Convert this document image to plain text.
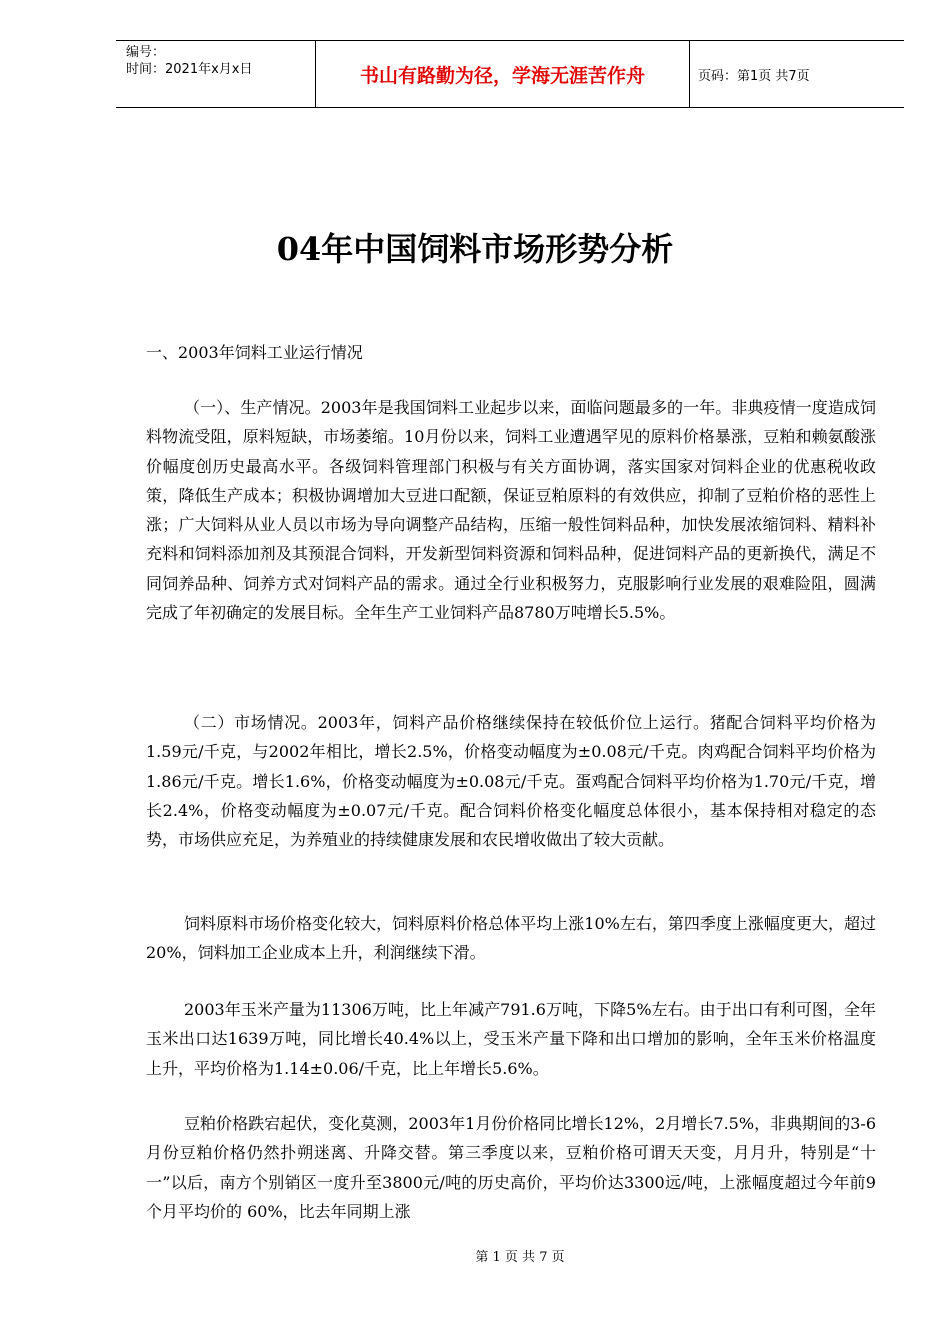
编号：
时间：2021年x月x日	书山有路勤为径，学海无涯苦作舟	页码：第1页 共7页
04年中国饲料市场形势分析

一、2003年饲料工业运行情况

（一）、生产情况。2003年是我国饲料工业起步以来，面临问题最多的一年。非典疫情一度造成饲料物流受阻，原料短缺，市场萎缩。10月份以来，饲料工业遭遇罕见的原料价格暴涨，豆粕和赖氨酸涨价幅度创历史最高水平。各级饲料管理部门积极与有关方面协调，落实国家对饲料企业的优惠税收政策，降低生产成本；积极协调增加大豆进口配额，保证豆粕原料的有效供应，抑制了豆粕价格的恶性上涨；广大饲料从业人员以市场为导向调整产品结构，压缩一般性饲料品种，加快发展浓缩饲料、精料补充料和饲料添加剂及其预混合饲料，开发新型饲料资源和饲料品种，促进饲料产品的更新换代，满足不同饲养品种、饲养方式对饲料产品的需求。通过全行业积极努力，克服影响行业发展的艰难险阻，圆满完成了年初确定的发展目标。全年生产工业饲料产品8780万吨增长5.5%。

（二）市场情况。2003年，饲料产品价格继续保持在较低价位上运行。猪配合饲料平均价格为 1.59元/千克，与2002年相比，增长2.5%，价格变动幅度为±0.08元/千克。肉鸡配合饲料平均价格为1.86元/千克。增长1.6%，价格变动幅度为±0.08元/千克。蛋鸡配合饲料平均价格为1.70元/千克，增长2.4%，价格变动幅度为±0.07元/千克。配合饲料价格变化幅度总体很小，基本保持相对稳定的态势，市场供应充足，为养殖业的持续健康发展和农民增收做出了较大贡献。

饲料原料市场价格变化较大，饲料原料价格总体平均上涨10%左右，第四季度上涨幅度更大，超过20%，饲料加工企业成本上升，利润继续下滑。

2003年玉米产量为11306万吨，比上年减产791.6万吨，下降5%左右。由于出口有利可图，全年玉米出口达1639万吨，同比增长40.4%以上，受玉米产量下降和出口增加的影响，全年玉米价格温度上升，平均价格为1.14±0.06/千克，比上年增长5.6%。

豆粕价格跌宕起伏，变化莫测，2003年1月份价格同比增长12%，2月增长7.5%，非典期间的3-6月份豆粕价格仍然扑朔迷离、升降交替。第三季度以来，豆粕价格可谓天天变，月月升，特别是“十一”以后，南方个别销区一度升至3800元/吨的历史高价，平均价达3300远/吨，上涨幅度超过今年前9个月平均价的 60%，比去年同期上涨

第 1 页 共 7 页
